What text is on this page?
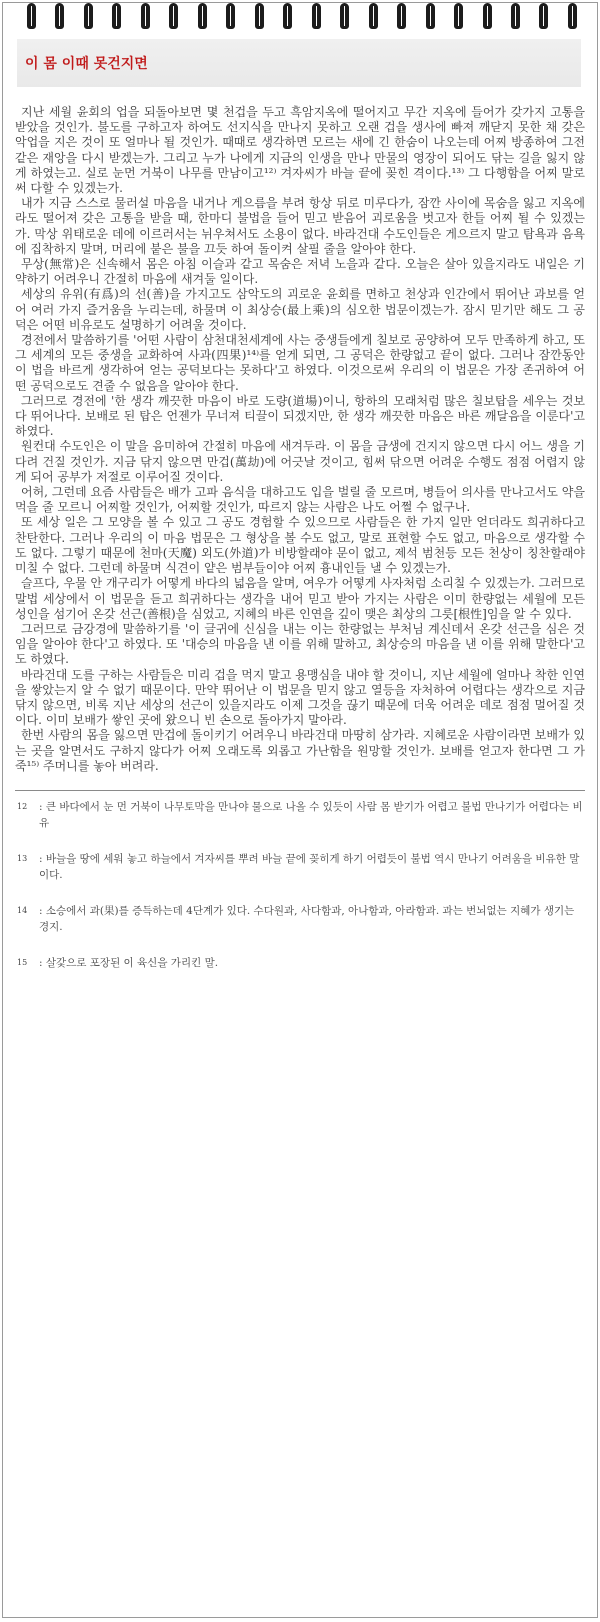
이 몸 이때 못건지면

지난 세월 윤회의 업을 되돌아보면 몇 천겁을 두고 흑암지옥에 떨어지고 무간 지옥에 들어가 갖가지 고통을 받았을 것인가. 불도를 구하고자 하여도 선지식을 만나지 못하고 오랜 겁을 생사에 빠져 깨닫지 못한 채 갖은 악업을 지은 것이 또 얼마나 될 것인가. 때때로 생각하면 모르는 새에 긴 한숨이 나오는데 어찌 방종하여 그전같은 재앙을 다시 받겠는가. 그리고 누가 나에게 지금의 인생을 만나 만물의 영장이 되어도 닦는 길을 잃지 않게 하였는고. 실로 눈먼 거북이 나무를 만남이고¹²⁾ 겨자씨가 바늘 끝에 꽂힌 격이다.¹³⁾ 그 다행함을 어찌 말로써 다할 수 있겠는가.

내가 지금 스스로 물러설 마음을 내거나 게으름을 부려 항상 뒤로 미루다가, 잠깐 사이에 목숨을 잃고 지옥에라도 떨어져 갖은 고통을 받을 때, 한마디 불법을 들어 믿고 받음어 괴로움을 벗고자 한들 어찌 될 수 있겠는가. 막상 위태로운 데에 이르러서는 뉘우쳐서도 소용이 없다. 바라건대 수도인들은 게으르지 말고 탐욕과 음욕에 집착하지 말며, 머리에 붙은 불을 끄듯 하여 돌이켜 살필 줄을 알아야 한다.

무상(無常)은 신속해서 몸은 아침 이슬과 같고 목숨은 저녁 노을과 같다. 오늘은 살아 있을지라도 내일은 기약하기 어려우니 간절히 마음에 새겨둘 일이다.

세상의 유위(有爲)의 선(善)을 가지고도 삼악도의 괴로운 윤회를 면하고 천상과 인간에서 뛰어난 과보를 얻어 여러 가지 즐거움을 누리는데, 하물며 이 최상승(最上乘)의 심오한 법문이겠는가. 잠시 믿기만 해도 그 공덕은 어떤 비유로도 설명하기 어려울 것이다.

경전에서 말씀하기를 '어떤 사람이 삼천대천세계에 사는 중생들에게 칠보로 공양하여 모두 만족하게 하고, 또 그 세계의 모든 중생을 교화하여 사과(四果)¹⁴⁾를 얻게 되면, 그 공덕은 한량없고 끝이 없다. 그러나 잠깐동안 이 법을 바르게 생각하여 얻는 공덕보다는 못하다'고 하였다. 이것으로써 우리의 이 법문은 가장 존귀하여 어떤 공덕으로도 견줄 수 없음을 알아야 한다.

그러므로 경전에 '한 생각 깨끗한 마음이 바로 도량(道場)이니, 항하의 모래처럼 많은 칠보탑을 세우는 것보다 뛰어나다. 보배로 된 탑은 언젠가 무너져 티끌이 되겠지만, 한 생각 깨끗한 마음은 바른 깨달음을 이룬다'고 하였다.

원컨대 수도인은 이 말을 음미하여 간절히 마음에 새겨두라. 이 몸을 금생에 건지지 않으면 다시 어느 생을 기다려 건질 것인가. 지금 닦지 않으면 만겁(萬劫)에 어긋날 것이고, 힘써 닦으면 어려운 수행도 점점 어렵지 않게 되어 공부가 저절로 이루어질 것이다.

어허, 그런데 요즘 사람들은 배가 고파 음식을 대하고도 입을 벌릴 줄 모르며, 병들어 의사를 만나고서도 약을 먹을 줄 모르니 어찌할 것인가, 어찌할 것인가, 따르지 않는 사람은 나도 어쩔 수 없구나.

또 세상 일은 그 모양을 볼 수 있고 그 공도 경험할 수 있으므로 사람들은 한 가지 일만 얻더라도 희귀하다고 찬탄한다. 그러나 우리의 이 마음 법문은 그 형상을 볼 수도 없고, 말로 표현할 수도 없고, 마음으로 생각할 수도 없다. 그렇기 때문에 천마(天魔) 외도(外道)가 비방할래야 문이 없고, 제석 범천등 모든 천상이 칭찬할래야 미칠 수 없다. 그런데 하물며 식견이 얕은 범부들이야 어찌 흉내인들 낼 수 있겠는가.

슬프다, 우물 안 개구리가 어떻게 바다의 넓음을 알며, 여우가 어떻게 사자처럼 소리칠 수 있겠는가. 그러므로 말법 세상에서 이 법문을 듣고 희귀하다는 생각을 내어 믿고 받아 가지는 사람은 이미 한량없는 세월에 모든 성인을 섬기어 온갖 선근(善根)을 심었고, 지혜의 바른 인연을 깊이 맺은 최상의 그릇[根性]임을 알 수 있다.

그러므로 금강경에 말씀하기를 '이 글귀에 신심을 내는 이는 한량없는 부처님 계신데서 온갖 선근을 심은 것임을 알아야 한다'고 하였다. 또 '대승의 마음을 낸 이를 위해 말하고, 최상승의 마음을 낸 이를 위해 말한다'고도 하였다.

바라건대 도를 구하는 사람들은 미리 겁을 먹지 말고 용맹심을 내야 할 것이니, 지난 세월에 얼마나 착한 인연을 쌓았는지 알 수 없기 때문이다. 만약 뛰어난 이 법문을 믿지 않고 열등을 자처하여 어렵다는 생각으로 지금 닦지 않으면, 비록 지난 세상의 선근이 있을지라도 이제 그것을 끊기 때문에 더욱 어려운 데로 점점 멀어질 것이다. 이미 보배가 쌓인 곳에 왔으니 빈 손으로 돌아가지 말아라.

한번 사람의 몸을 잃으면 만겁에 돌이키기 어려우니 바라건대 마땅히 삼가라. 지혜로운 사람이라면 보배가 있는 곳을 알면서도 구하지 않다가 어찌 오래도록 외롭고 가난함을 원망할 것인가. 보배를 얻고자 한다면 그 가죽¹⁵⁾ 주머니를 놓아 버려라.

$^{12}$	: 큰 바다에서 눈 먼 거북이 나무토막을 만나야 물으로 나올 수 있듯이 사람 몸 받기가 어렵고 불법 만나기가 어렵다는 비유
$^{13}$	: 바늘을 땅에 세워 놓고 하늘에서 겨자씨를 뿌려 바늘 끝에 꽂히게 하기 어렵듯이 불법 역시 만나기 어려움을 비유한 말이다.
$^{14}$	: 소승에서 과(果)를 증득하는데 4단계가 있다. 수다원과, 사다함과, 아나함과, 아라함과. 과는 번뇌없는 지혜가 생기는 경지.
$^{15}$	: 살갗으로 포장된 이 육신을 가리킨 말.
